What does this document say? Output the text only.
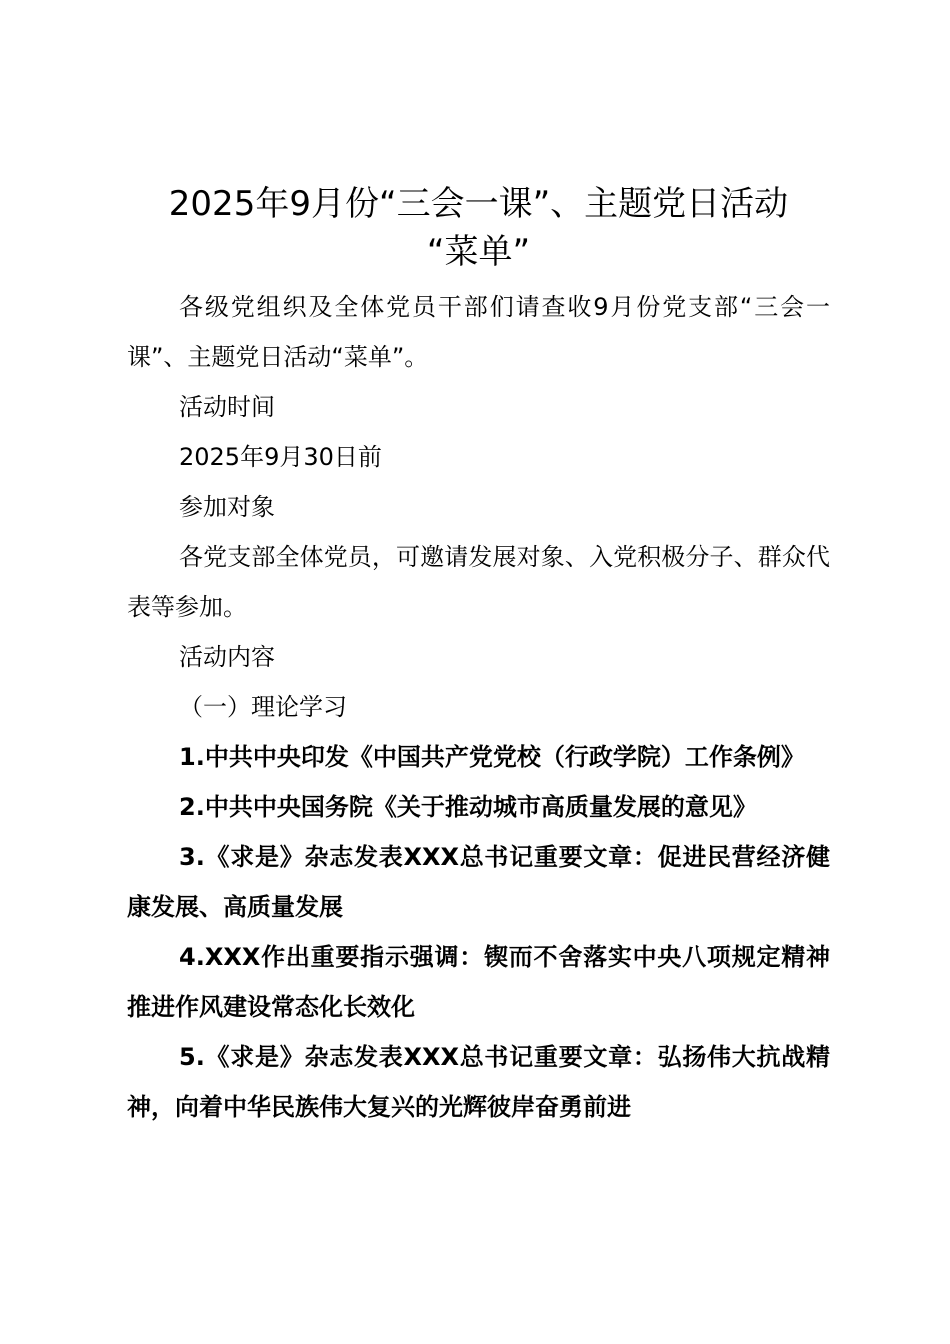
2025年9月份“三会一课”、主题党日活动
“菜单”

各级党组织及全体党员干部们请查收9月份党支部“三会一课”、主题党日活动“菜单”。

活动时间

2025年9月30日前

参加对象

各党支部全体党员，可邀请发展对象、入党积极分子、群众代表等参加。

活动内容

（一）理论学习

1.中共中央印发《中国共产党党校（行政学院）工作条例》

2.中共中央国务院《关于推动城市高质量发展的意见》

3.《求是》杂志发表XXX总书记重要文章：促进民营经济健康发展、高质量发展

4.XXX作出重要指示强调：锲而不舍落实中央八项规定精神推进作风建设常态化长效化

5.《求是》杂志发表XXX总书记重要文章：弘扬伟大抗战精神，向着中华民族伟大复兴的光辉彼岸奋勇前进
